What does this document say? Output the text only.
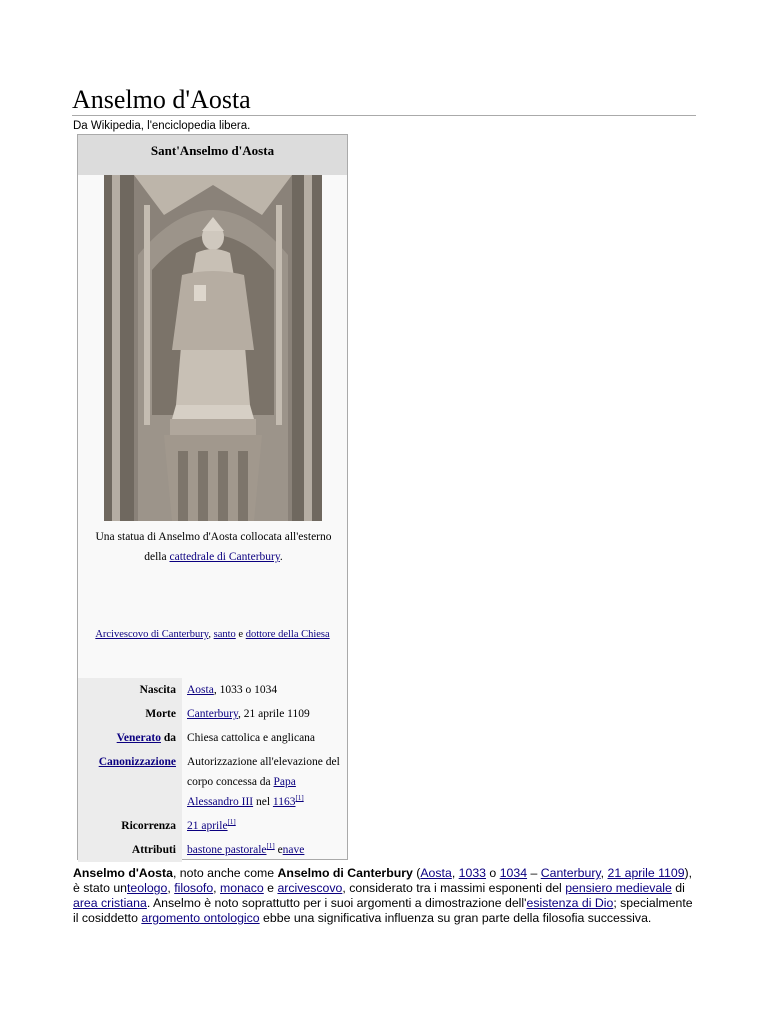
Anselmo d'Aosta
Da Wikipedia, l'enciclopedia libera.
Sant'Anselmo d'Aosta
Una statua di Anselmo d'Aosta collocata all'esterno della cattedrale di Canterbury.
Arcivescovo di Canterbury, santo e dottore della Chiesa
Nascita Aosta, 1033 o 1034
Morte Canterbury, 21 aprile 1109
Venerato da Chiesa cattolica e anglicana
Canonizzazione Autorizzazione all'elevazione del corpo concessa da Papa Alessandro III nel 1163[1]
Ricorrenza 21 aprile[1]
Attributi bastone pastorale[1] enave
Anselmo d'Aosta, noto anche come Anselmo di Canterbury (Aosta, 1033 o 1034 – Canterbury, 21 aprile 1109), è stato unteologo, filosofo, monaco e arcivescovo, considerato tra i massimi esponenti del pensiero medievale di area cristiana. Anselmo è noto soprattutto per i suoi argomenti a dimostrazione dell'esistenza di Dio; specialmente il cosiddetto argomento ontologico ebbe una significativa influenza su gran parte della filosofia successiva.
